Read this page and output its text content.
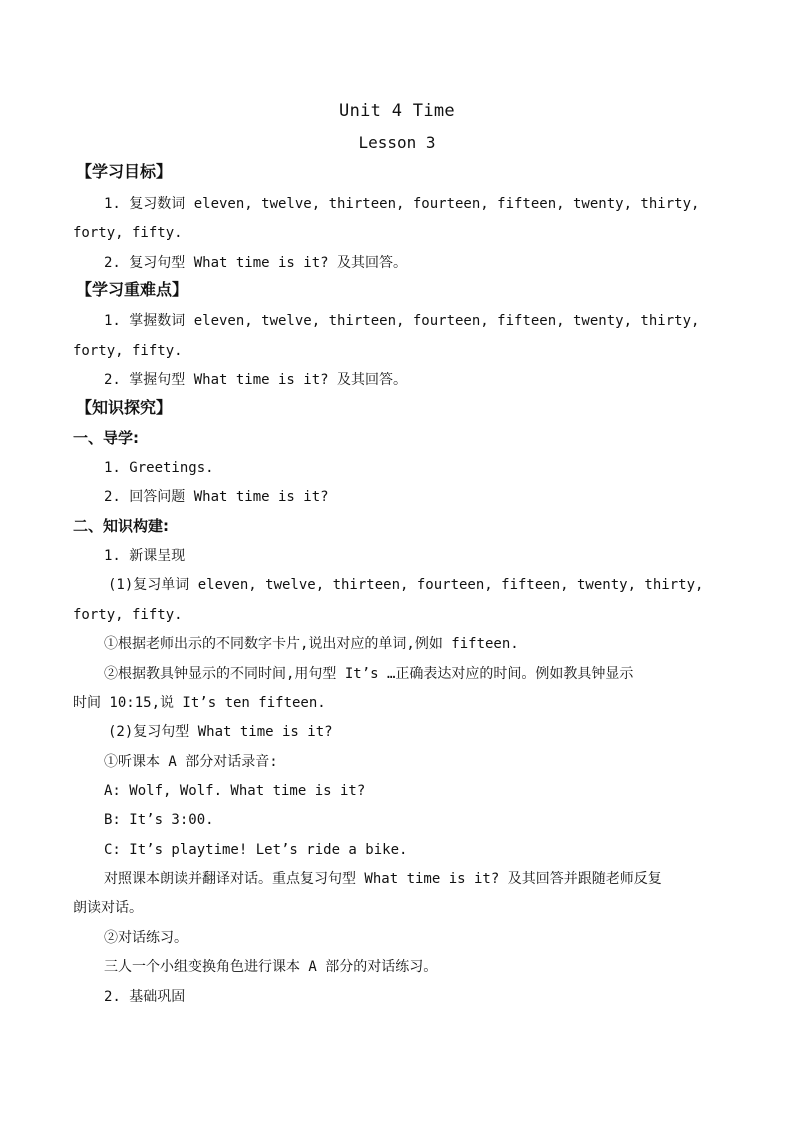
Unit 4 Time
Lesson 3
【学习目标】
1. 复习数词 eleven, twelve, thirteen, fourteen, fifteen, twenty, thirty,
forty, fifty.
2. 复习句型 What time is it? 及其回答。
【学习重难点】
1. 掌握数词 eleven, twelve, thirteen, fourteen, fifteen, twenty, thirty,
forty, fifty.
2. 掌握句型 What time is it? 及其回答。
【知识探究】
一、导学:
1. Greetings.
2. 回答问题 What time is it?
二、知识构建:
1. 新课呈现
(1)复习单词 eleven, twelve, thirteen, fourteen, fifteen, twenty, thirty,
forty, fifty.
①根据老师出示的不同数字卡片,说出对应的单词,例如 fifteen.
②根据教具钟显示的不同时间,用句型 It’s …正确表达对应的时间。例如教具钟显示
时间 10:15,说 It’s ten fifteen.
(2)复习句型 What time is it?
①听课本 A 部分对话录音:
A: Wolf, Wolf. What time is it?
B: It’s 3:00.
C: It’s playtime! Let’s ride a bike.
对照课本朗读并翻译对话。重点复习句型 What time is it? 及其回答并跟随老师反复
朗读对话。
②对话练习。
三人一个小组变换角色进行课本 A 部分的对话练习。
2. 基础巩固
